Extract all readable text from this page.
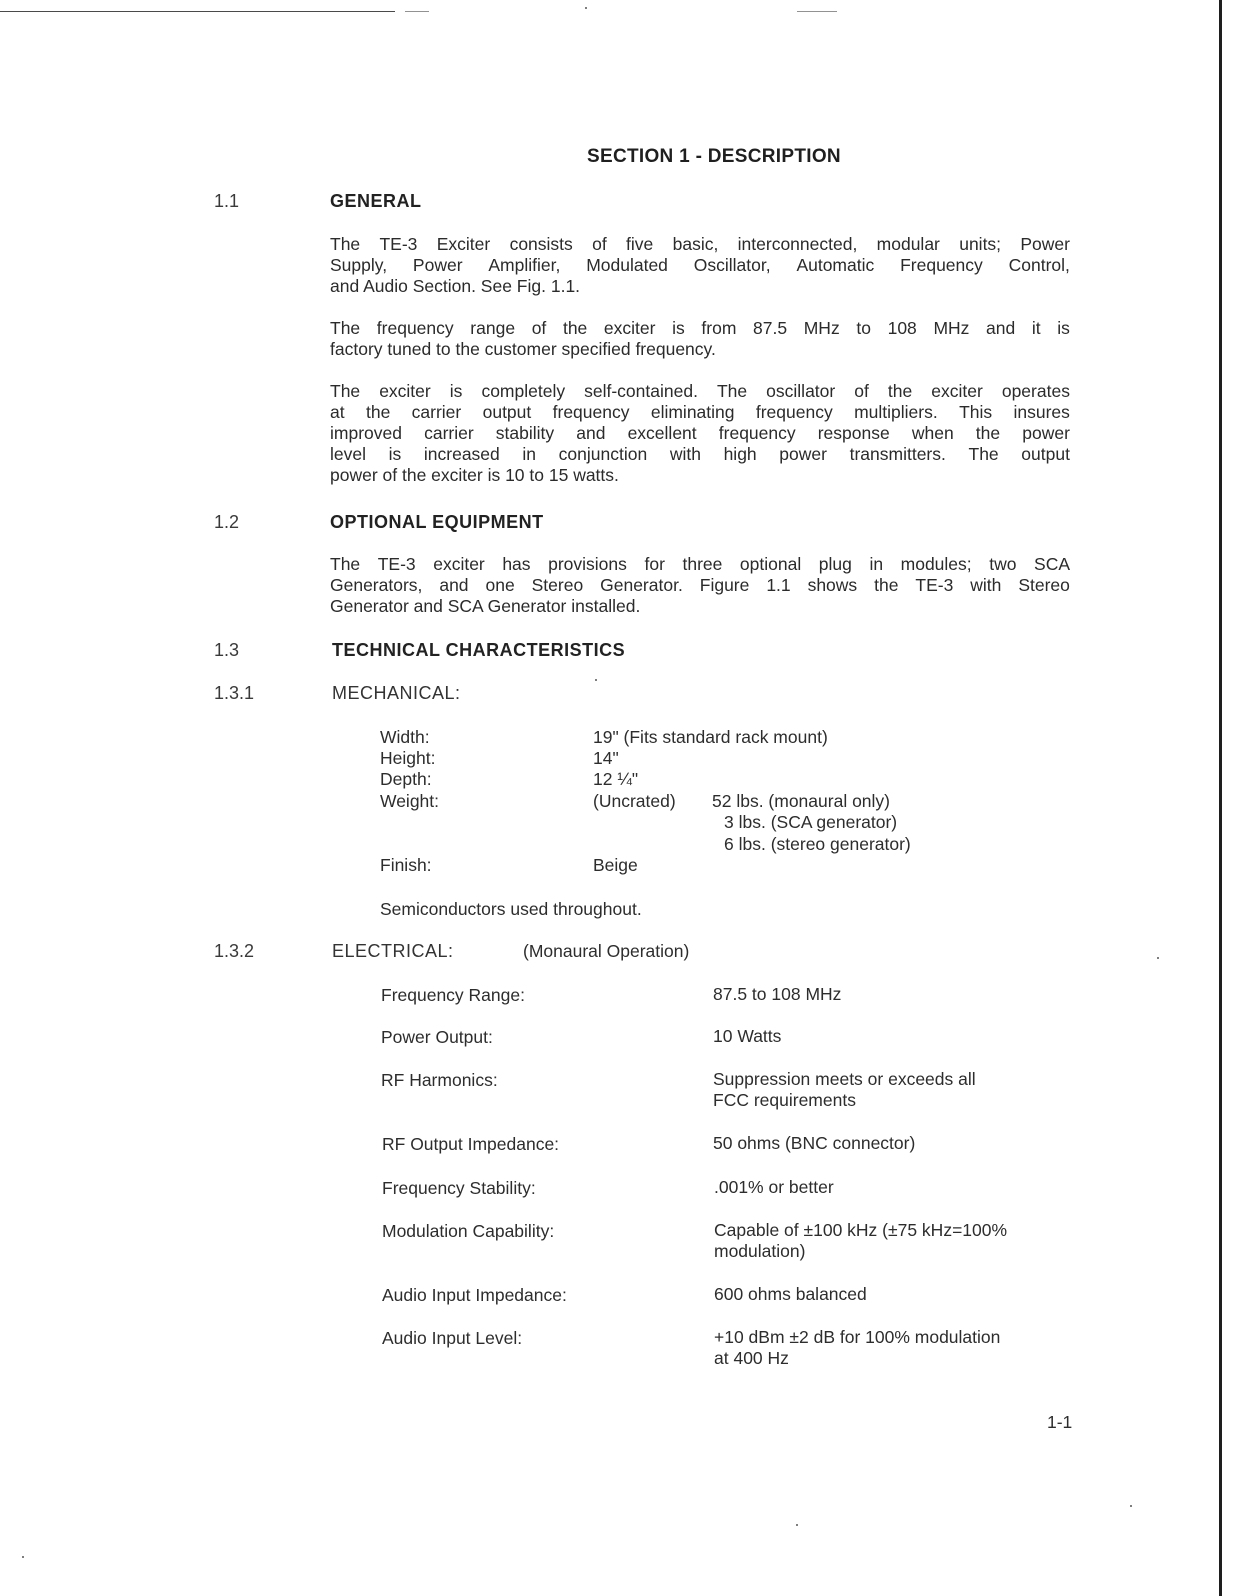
SECTION 1 - DESCRIPTION
1.1	GENERAL
The TE-3 Exciter consists of five basic, interconnected, modular units; Power
Supply, Power Amplifier, Modulated Oscillator, Automatic Frequency Control,
and Audio Section. See Fig. 1.1.
The frequency range of the exciter is from 87.5 MHz to 108 MHz and it is
factory tuned to the customer specified frequency.
The exciter is completely self-contained. The oscillator of the exciter operates
at the carrier output frequency eliminating frequency multipliers. This insures
improved carrier stability and excellent frequency response when the power
level is increased in conjunction with high power transmitters. The output
power of the exciter is 10 to 15 watts.
1.2	OPTIONAL EQUIPMENT
The TE-3 exciter has provisions for three optional plug in modules; two SCA
Generators, and one Stereo Generator. Figure 1.1 shows the TE-3 with Stereo
Generator and SCA Generator installed.
1.3	TECHNICAL CHARACTERISTICS
1.3.1	MECHANICAL:
Width:	19" (Fits standard rack mount)
Height:	14"
Depth:	12 ¼"
Weight:	(Uncrated) 52 lbs. (monaural only)
3 lbs. (SCA generator)
6 lbs. (stereo generator)
Finish:	Beige
Semiconductors used throughout.
1.3.2	ELECTRICAL:	(Monaural Operation)
Frequency Range:	87.5 to 108 MHz
Power Output:	10 Watts
RF Harmonics:	Suppression meets or exceeds all
FCC requirements
RF Output Impedance:	50 ohms (BNC connector)
Frequency Stability:	.001% or better
Modulation Capability:	Capable of ±100 kHz (±75 kHz=100%
modulation)
Audio Input Impedance:	600 ohms balanced
Audio Input Level:	+10 dBm ±2 dB for 100% modulation
at 400 Hz
1-1
